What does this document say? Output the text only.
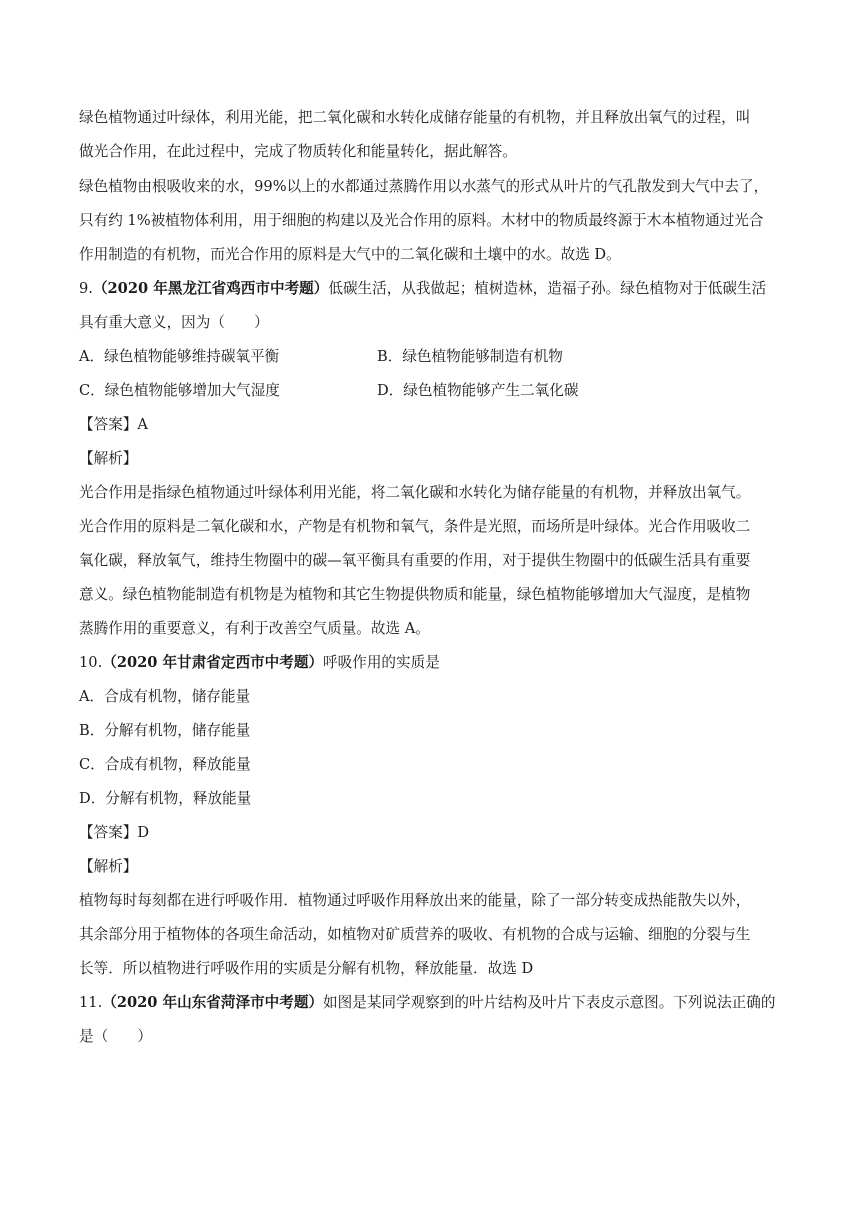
绿色植物通过叶绿体，利用光能，把二氧化碳和水转化成储存能量的有机物，并且释放出氧气的过程，叫
做光合作用，在此过程中，完成了物质转化和能量转化，据此解答。
绿色植物由根吸收来的水，99%以上的水都通过蒸腾作用以水蒸气的形式从叶片的气孔散发到大气中去了，
只有约 1%被植物体利用，用于细胞的构建以及光合作用的原料。木材中的物质最终源于木本植物通过光合
作用制造的有机物，而光合作用的原料是大气中的二氧化碳和土壤中的水。故选 D。
9.（2020 年黑龙江省鸡西市中考题）低碳生活，从我做起；植树造林，造福子孙。绿色植物对于低碳生活
具有重大意义，因为（　　）
A．绿色植物能够维持碳氧平衡	B．绿色植物能够制造有机物
C．绿色植物能够增加大气湿度	D．绿色植物能够产生二氧化碳
【答案】A
【解析】
光合作用是指绿色植物通过叶绿体利用光能，将二氧化碳和水转化为储存能量的有机物，并释放出氧气。
光合作用的原料是二氧化碳和水，产物是有机物和氧气，条件是光照，而场所是叶绿体。光合作用吸收二
氧化碳，释放氧气，维持生物圈中的碳—氧平衡具有重要的作用，对于提供生物圈中的低碳生活具有重要
意义。绿色植物能制造有机物是为植物和其它生物提供物质和能量，绿色植物能够增加大气湿度，是植物
蒸腾作用的重要意义，有利于改善空气质量。故选 A。
10.（2020 年甘肃省定西市中考题）呼吸作用的实质是
A．合成有机物，储存能量
B．分解有机物，储存能量
C．合成有机物，释放能量
D．分解有机物，释放能量
【答案】D
【解析】
植物每时每刻都在进行呼吸作用．植物通过呼吸作用释放出来的能量，除了一部分转变成热能散失以外，
其余部分用于植物体的各项生命活动，如植物对矿质营养的吸收、有机物的合成与运输、细胞的分裂与生
长等．所以植物进行呼吸作用的实质是分解有机物，释放能量．故选 D
11.（2020 年山东省菏泽市中考题）如图是某同学观察到的叶片结构及叶片下表皮示意图。下列说法正确的
是（　　）
